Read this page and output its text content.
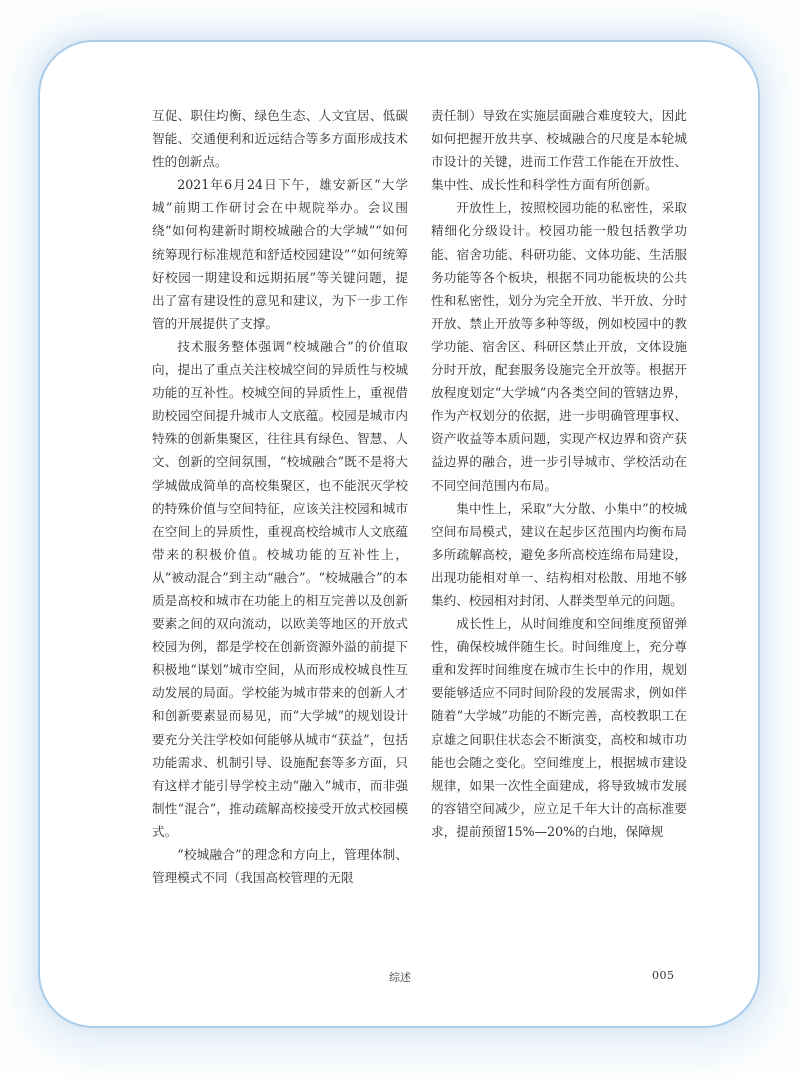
互促、职住均衡、绿色生态、人文宜居、低碳智能、交通便利和近远结合等多方面形成技术性的创新点。

2021年6月24日下午，雄安新区“大学城”前期工作研讨会在中规院举办。会议围绕“如何构建新时期校城融合的大学城”“如何统筹现行标准规范和舒适校园建设”“如何统筹好校园一期建设和远期拓展”等关键问题，提出了富有建设性的意见和建议，为下一步工作管的开展提供了支撑。

技术服务整体强调“校城融合”的价值取向，提出了重点关注校城空间的异质性与校城功能的互补性。校城空间的异质性上，重视借助校园空间提升城市人文底蕴。校园是城市内特殊的创新集聚区，往往具有绿色、智慧、人文、创新的空间氛围，“校城融合”既不是将大学城做成简单的高校集聚区，也不能泯灭学校的特殊价值与空间特征，应该关注校园和城市在空间上的异质性，重视高校给城市人文底蕴带来的积极价值。校城功能的互补性上，从“被动混合”到主动“融合”。“校城融合”的本质是高校和城市在功能上的相互完善以及创新要素之间的双向流动，以欧美等地区的开放式校园为例，都是学校在创新资源外溢的前提下积极地“谋划”城市空间，从而形成校城良性互动发展的局面。学校能为城市带来的创新人才和创新要素显而易见，而“大学城”的规划设计要充分关注学校如何能够从城市“获益”，包括功能需求、机制引导、设施配套等多方面，只有这样才能引导学校主动“融入”城市，而非强制性“混合”，推动疏解高校接受开放式校园模式。

“校城融合”的理念和方向上，管理体制、管理模式不同（我国高校管理的无限

责任制）导致在实施层面融合难度较大，因此如何把握开放共享、校城融合的尺度是本轮城市设计的关键，进而工作营工作能在开放性、集中性、成长性和科学性方面有所创新。

开放性上，按照校园功能的私密性，采取精细化分级设计。校园功能一般包括教学功能、宿舍功能、科研功能、文体功能、生活服务功能等各个板块，根据不同功能板块的公共性和私密性，划分为完全开放、半开放、分时开放、禁止开放等多种等级，例如校园中的教学功能、宿舍区、科研区禁止开放，文体设施分时开放，配套服务设施完全开放等。根据开放程度划定“大学城”内各类空间的管辖边界，作为产权划分的依据，进一步明确管理事权、资产收益等本质问题，实现产权边界和资产获益边界的融合，进一步引导城市、学校活动在不同空间范围内布局。

集中性上，采取“大分散、小集中”的校城空间布局模式，建议在起步区范围内均衡布局多所疏解高校，避免多所高校连绵布局建设，出现功能相对单一、结构相对松散、用地不够集约、校园相对封闭、人群类型单元的问题。

成长性上，从时间维度和空间维度预留弹性，确保校城伴随生长。时间维度上，充分尊重和发挥时间维度在城市生长中的作用，规划要能够适应不同时间阶段的发展需求，例如伴随着“大学城”功能的不断完善，高校教职工在京雄之间职住状态会不断演变，高校和城市功能也会随之变化。空间维度上，根据城市建设规律，如果一次性全面建成，将导致城市发展的容错空间减少，应立足千年大计的高标准要求，提前预留15%—20%的白地，保障规

综述	005
